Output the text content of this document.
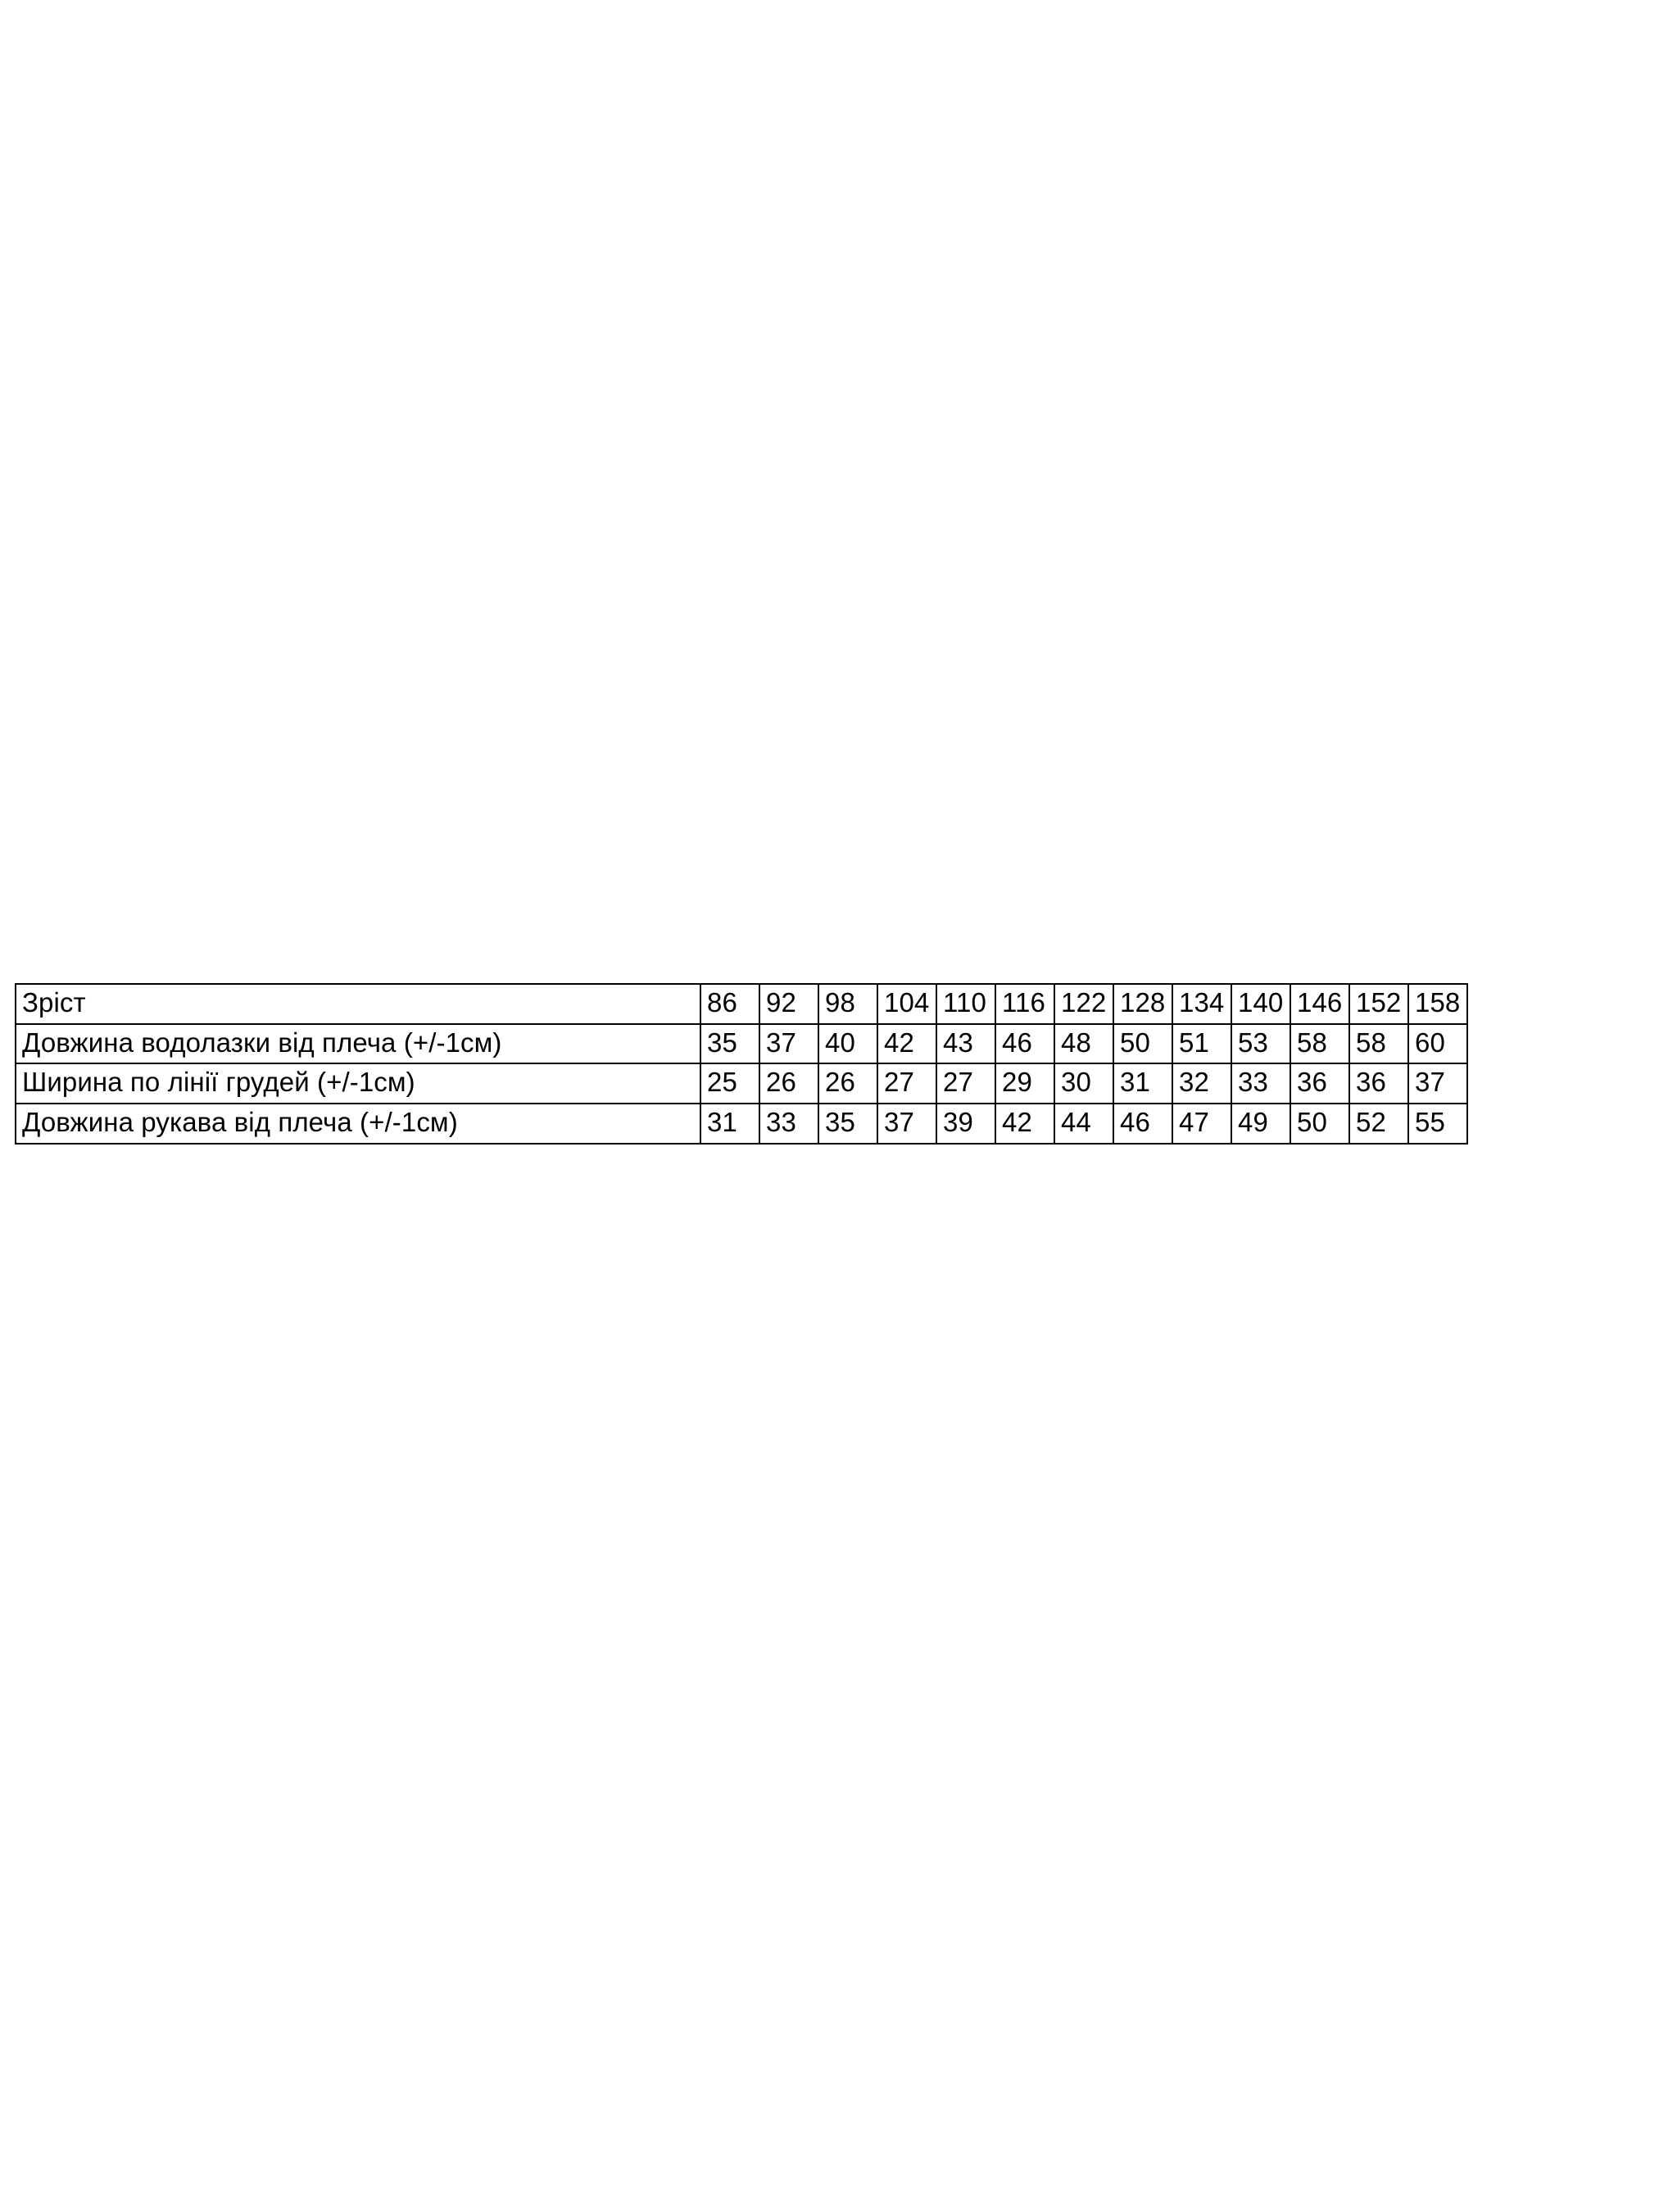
Зріст	86	92	98	104	110	116	122	128	134	140	146	152	158
Довжина водолазки від плеча (+/-1см)	35	37	40	42	43	46	48	50	51	53	58	58	60
Ширина по лінії грудей (+/-1см)	25	26	26	27	27	29	30	31	32	33	36	36	37
Довжина рукава від плеча (+/-1см)	31	33	35	37	39	42	44	46	47	49	50	52	55
